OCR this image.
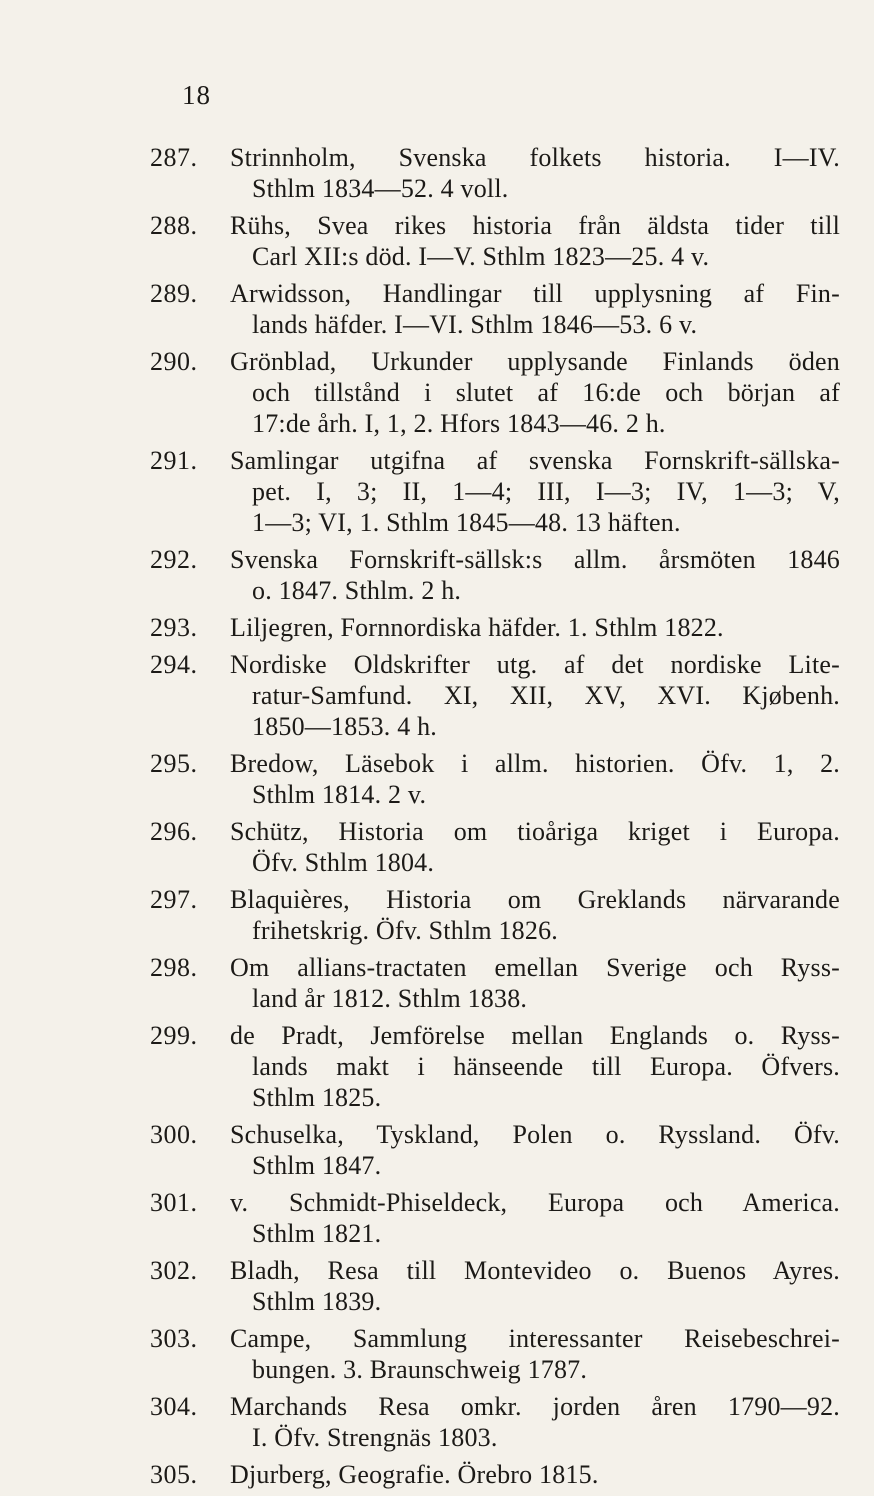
18
287.	Strinnholm, Svenska folkets historia. I—IV.
Sthlm 1834—52. 4 voll.
288.	Rühs, Svea rikes historia från äldsta tider till
Carl XII:s död. I—V. Sthlm 1823—25. 4 v.
289.	Arwidsson, Handlingar till upplysning af Fin-
lands häfder. I—VI. Sthlm 1846—53. 6 v.
290.	Grönblad, Urkunder upplysande Finlands öden
och tillstånd i slutet af 16:de och början af
17:de årh. I, 1, 2. Hfors 1843—46. 2 h.
291.	Samlingar utgifna af svenska Fornskrift-sällska-
pet. I, 3; II, 1—4; III, I—3; IV, 1—3; V,
1—3; VI, 1. Sthlm 1845—48. 13 häften.
292.	Svenska Fornskrift-sällsk:s allm. årsmöten 1846
o. 1847. Sthlm. 2 h.
293.	Liljegren, Fornnordiska häfder. 1. Sthlm 1822.
294.	Nordiske Oldskrifter utg. af det nordiske Lite-
ratur-Samfund. XI, XII, XV, XVI. Kjøbenh.
1850—1853. 4 h.
295.	Bredow, Läsebok i allm. historien. Öfv. 1, 2.
Sthlm 1814. 2 v.
296.	Schütz, Historia om tioåriga kriget i Europa.
Öfv. Sthlm 1804.
297.	Blaquières, Historia om Greklands närvarande
frihetskrig. Öfv. Sthlm 1826.
298.	Om allians-tractaten emellan Sverige och Ryss-
land år 1812. Sthlm 1838.
299.	de Pradt, Jemförelse mellan Englands o. Ryss-
lands makt i hänseende till Europa. Öfvers.
Sthlm 1825.
300.	Schuselka, Tyskland, Polen o. Ryssland. Öfv.
Sthlm 1847.
301.	v. Schmidt-Phiseldeck, Europa och America.
Sthlm 1821.
302.	Bladh, Resa till Montevideo o. Buenos Ayres.
Sthlm 1839.
303.	Campe, Sammlung interessanter Reisebeschrei-
bungen. 3. Braunschweig 1787.
304.	Marchands Resa omkr. jorden åren 1790—92.
I. Öfv. Strengnäs 1803.
305.	Djurberg, Geografie. Örebro 1815.
